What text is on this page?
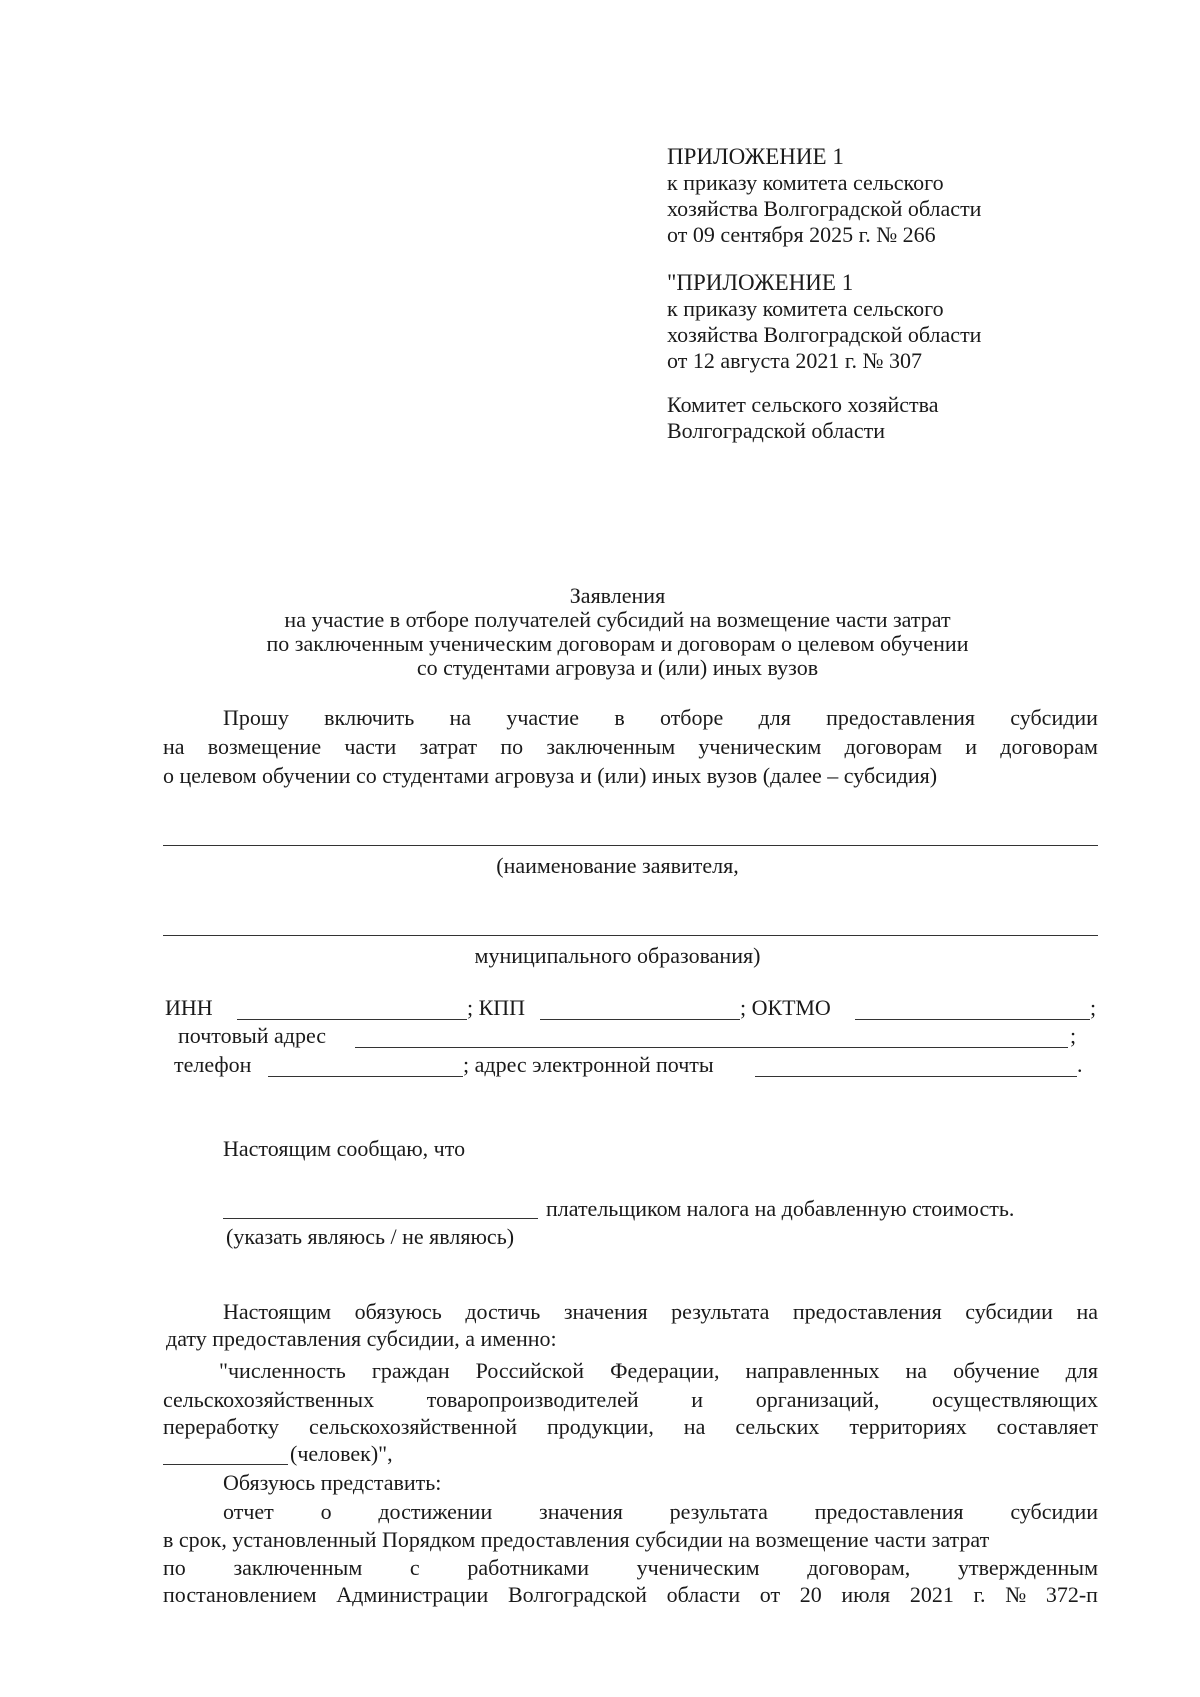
ПРИЛОЖЕНИЕ 1
к приказу комитета сельского
хозяйства Волгоградской области
от 09 сентября 2025 г. № 266
"ПРИЛОЖЕНИЕ 1
к приказу комитета сельского
хозяйства Волгоградской области
от 12 августа 2021 г. № 307
Комитет сельского хозяйства
Волгоградской области
Заявления
на участие в отборе получателей субсидий на возмещение части затрат
по заключенным ученическим договорам и договорам о целевом обучении
со студентами агровуза и (или) иных вузов
Прошу включить на участие в отборе для предоставления субсидии
на возмещение части затрат по заключенным ученическим договорам и договорам
о целевом обучении со студентами агровуза и (или) иных вузов (далее – субсидия)
(наименование заявителя,
муниципального образования)
ИНН	; КПП	; ОКТМО	;
почтовый адрес	;
телефон	; адрес электронной почты	.
Настоящим сообщаю, что
плательщиком налога на добавленную стоимость.
(указать являюсь / не являюсь)
Настоящим обязуюсь достичь значения результата предоставления субсидии на
дату предоставления субсидии, а именно:
"численность граждан Российской Федерации, направленных на обучение для
сельскохозяйственных товаропроизводителей и организаций, осуществляющих
переработку сельскохозяйственной продукции, на сельских территориях составляет
(человек)",
Обязуюсь представить:
отчет о достижении значения результата предоставления субсидии
в срок, установленный Порядком предоставления субсидии на возмещение части затрат
по заключенным с работниками ученическим договорам, утвержденным
постановлением Администрации Волгоградской области от 20 июля 2021 г. № 372-п
